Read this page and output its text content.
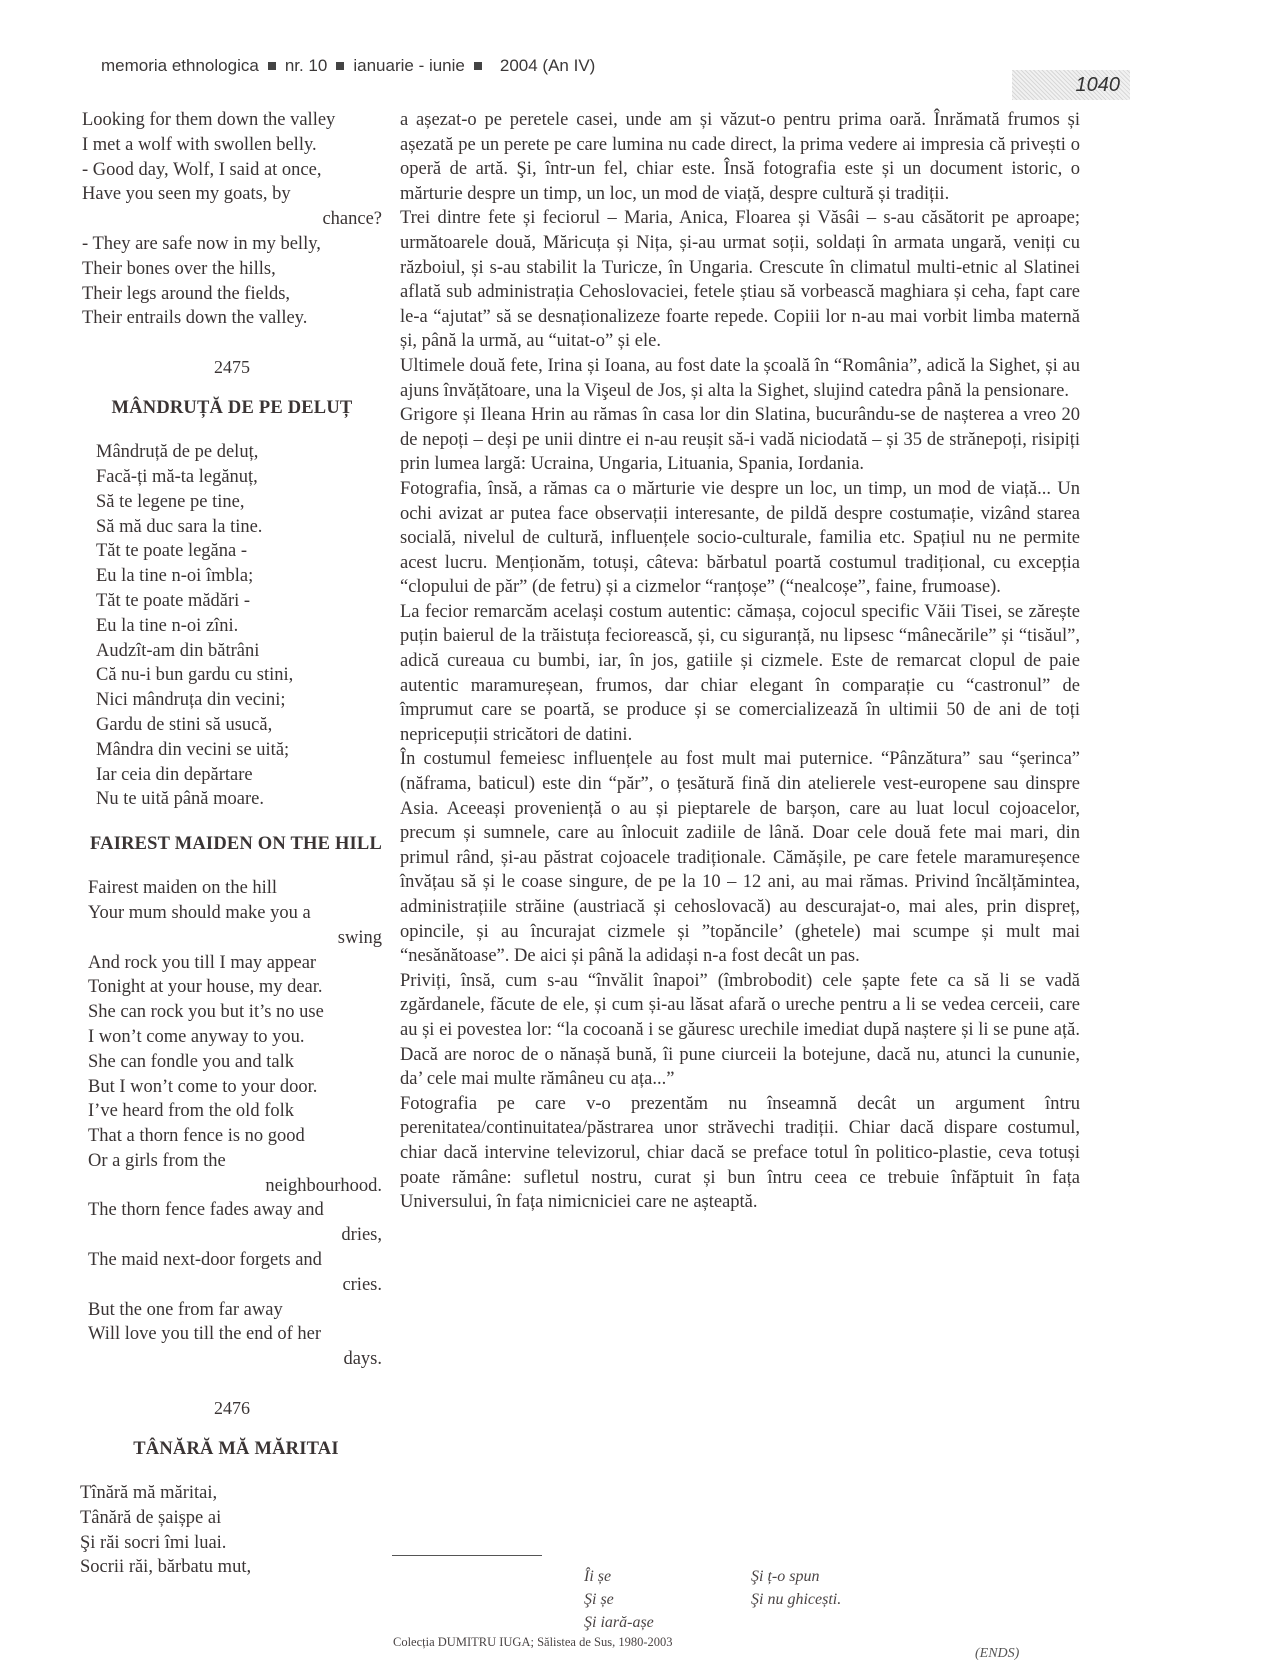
memoria ethnologica nr. 10 ianuarie - iunie 2004 (An IV)
1040
Looking for them down the valley
I met a wolf with swollen belly.
- Good day, Wolf, I said at once,
Have you seen my goats, by
chance?
- They are safe now in my belly,
Their bones over the hills,
Their legs around the fields,
Their entrails down the valley.
2475
MÂNDRUȚĂ DE PE DELUȚ
Mândruță de pe deluț,
Facă-ți mă-ta legănuț,
Să te legene pe tine,
Să mă duc sara la tine.
Tăt te poate legăna -
Eu la tine n-oi îmbla;
Tăt te poate mădări -
Eu la tine n-oi zîni.
Audzît-am din bătrâni
Că nu-i bun gardu cu stini,
Nici mândruța din vecini;
Gardu de stini să usucă,
Mândra din vecini se uită;
Iar ceia din depărtare
Nu te uită până moare.
FAIREST MAIDEN ON THE HILL
Fairest maiden on the hill
Your mum should make you a
swing
And rock you till I may appear
Tonight at your house, my dear.
She can rock you but it’s no use
I won’t come anyway to you.
She can fondle you and talk
But I won’t come to your door.
I’ve heard from the old folk
That a thorn fence is no good
Or a girls from the
neighbourhood.
The thorn fence fades away and
dries,
The maid next-door forgets and
cries.
But the one from far away
Will love you till the end of her
days.
2476
TÂNĂRĂ MĂ MĂRITAI
Tînără mă măritai,
Tânără de șaișpe ai
Şi răi socri îmi luai.
Socrii răi, bărbatu mut,

a așezat-o pe peretele casei, unde am și văzut-o pentru prima oară. Înrămată frumos și așezată pe un perete pe care lumina nu cade direct, la prima vedere ai impresia că privești o operă de artă. Şi, într-un fel, chiar este. Însă fotografia este și un document istoric, o mărturie despre un timp, un loc, un mod de viață, despre cultură și tradiții.

Trei dintre fete și feciorul – Maria, Anica, Floarea și Văsâi – s-au căsătorit pe aproape; următoarele două, Măricuța și Nița, și-au urmat soții, soldați în armata ungară, veniți cu războiul, și s-au stabilit la Turicze, în Ungaria. Crescute în climatul multi-etnic al Slatinei aflată sub administrația Cehoslovaciei, fetele știau să vorbească maghiara și ceha, fapt care le-a “ajutat” să se desnaționalizeze foarte repede. Copiii lor n-au mai vorbit limba maternă și, până la urmă, au “uitat-o” și ele.

Ultimele două fete, Irina și Ioana, au fost date la școală în “România”, adică la Sighet, și au ajuns învățătoare, una la Vişeul de Jos, și alta la Sighet, slujind catedra până la pensionare.

Grigore și Ileana Hrin au rămas în casa lor din Slatina, bucurându-se de nașterea a vreo 20 de nepoți – deși pe unii dintre ei n-au reușit să-i vadă niciodată – și 35 de strănepoți, risipiți prin lumea largă: Ucraina, Ungaria, Lituania, Spania, Iordania.

Fotografia, însă, a rămas ca o mărturie vie despre un loc, un timp, un mod de viață... Un ochi avizat ar putea face observații interesante, de pildă despre costumație, vizând starea socială, nivelul de cultură, influențele socio-culturale, familia etc. Spațiul nu ne permite acest lucru. Menționăm, totuși, câteva: bărbatul poartă costumul tradițional, cu excepția “clopului de păr” (de fetru) și a cizmelor “ranțoșe” (“nealcoșe”, faine, frumoase).

La fecior remarcăm același costum autentic: cămașa, cojocul specific Văii Tisei, se zărește puțin baierul de la trăistuța feciorească, și, cu siguranță, nu lipsesc “mânecările” și “tisăul”, adică cureaua cu bumbi, iar, în jos, gatiile și cizmele. Este de remarcat clopul de paie autentic maramureșean, frumos, dar chiar elegant în comparație cu “castronul” de împrumut care se poartă, se produce și se comercializează în ultimii 50 de ani de toți nepricepuții stricători de datini.

În costumul femeiesc influențele au fost mult mai puternice. “Pânzătura” sau “șerinca” (năframa, baticul) este din “păr”, o țesătură fină din atelierele vest-europene sau dinspre Asia. Aceeași proveniență o au și pieptarele de barșon, care au luat locul cojoacelor, precum și sumnele, care au înlocuit zadiile de lână. Doar cele două fete mai mari, din primul rând, și-au păstrat cojoacele tradiționale. Cămășile, pe care fetele maramureșence învățau să și le coase singure, de pe la 10 – 12 ani, au mai rămas. Privind încălțămintea, administrațiile străine (austriacă și cehoslovacă) au descurajat-o, mai ales, prin dispreț, opincile, și au încurajat cizmele și ”topăncile’ (ghetele) mai scumpe și mult mai “nesănătoase”. De aici și până la adidași n-a fost decât un pas.

Priviți, însă, cum s-au “învălit înapoi” (îmbrobodit) cele șapte fete ca să li se vadă zgărdanele, făcute de ele, și cum și-au lăsat afară o ureche pentru a li se vedea cerceii, care au și ei povestea lor: “la cocoană i se găuresc urechile imediat după naștere și li se pune ață. Dacă are noroc de o nănașă bună, îi pune ciurceii la botejune, dacă nu, atunci la cununie, da’ cele mai multe rămâneu cu ața...”

Fotografia pe care v-o prezentăm nu înseamnă decât un argument întru perenitatea/continuitatea/păstrarea unor străvechi tradiții. Chiar dacă dispare costumul, chiar dacă intervine televizorul, chiar dacă se preface totul în politico-plastie, ceva totuși poate rămâne: sufletul nostru, curat și bun întru ceea ce trebuie înfăptuit în fața Universului, în fața nimicniciei care ne așteaptă.

Îi șe
Şi șe
Şi iară-așe
Şi ț-o spun
Şi nu ghicești.
Colecția DUMITRU IUGA; Sălistea de Sus, 1980-2003
(ENDS)
